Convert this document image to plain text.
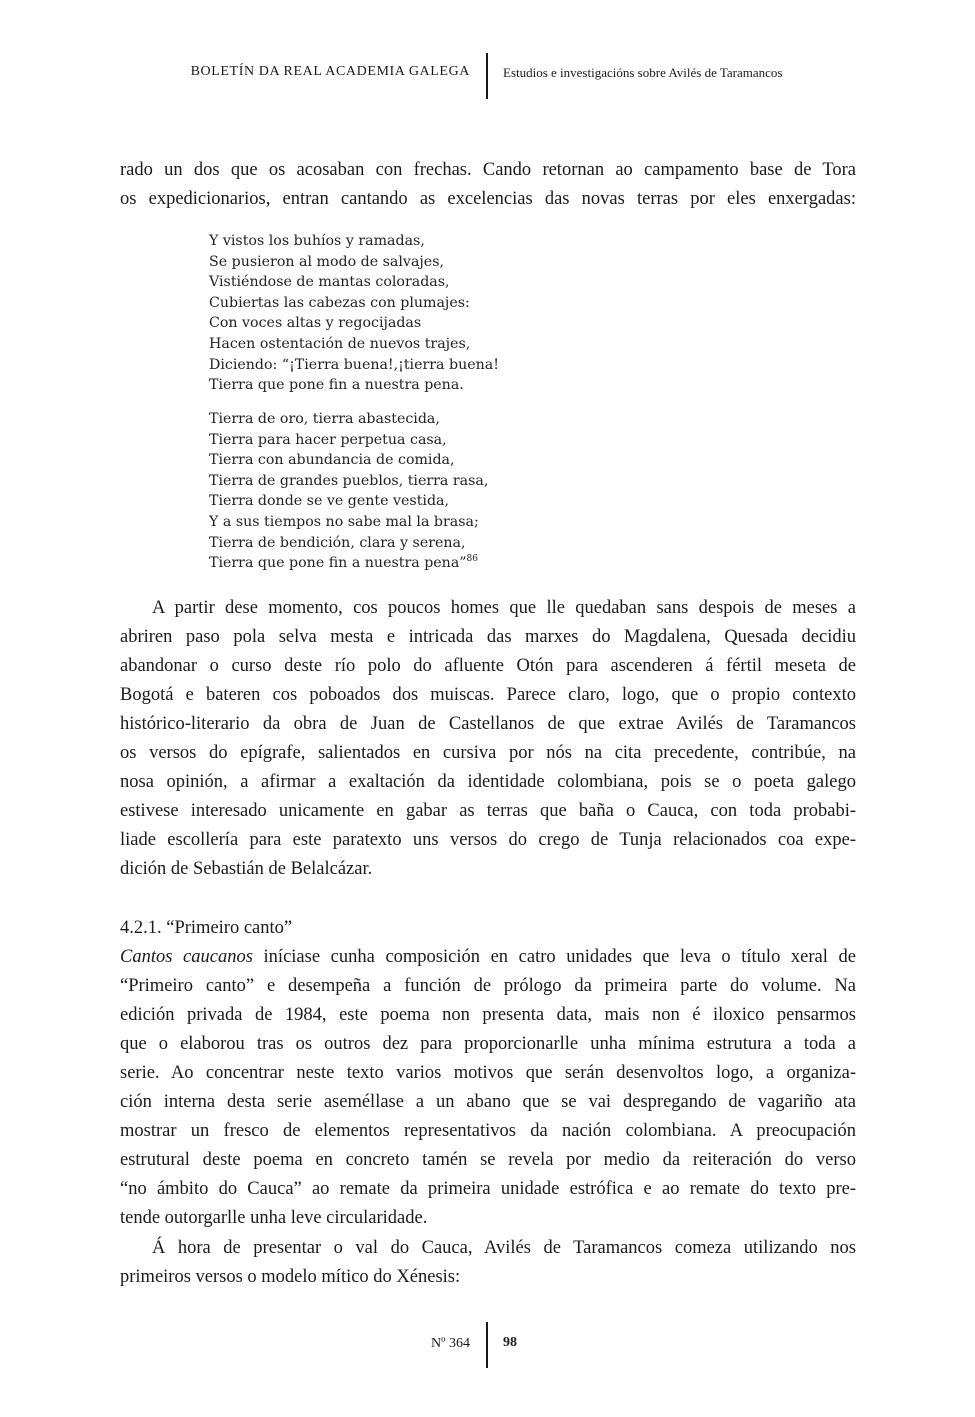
BOLETÍN DA REAL ACADEMIA GALEGA	Estudios e investigacións sobre Avilés de Taramancos

rado un dos que os acosaban con frechas. Cando retornan ao campamento base de Tora

os expedicionarios, entran cantando as excelencias das novas terras por eles enxergadas:

Y vistos los buhíos y ramadas,
Se pusieron al modo de salvajes,
Vistiéndose de mantas coloradas,
Cubiertas las cabezas con plumajes:
Con voces altas y regocijadas
Hacen ostentación de nuevos trajes,
Diciendo: “¡Tierra buena!,¡tierra buena!
Tierra que pone fin a nuestra pena.
Tierra de oro, tierra abastecida,
Tierra para hacer perpetua casa,
Tierra con abundancia de comida,
Tierra de grandes pueblos, tierra rasa,
Tierra donde se ve gente vestida,
Y a sus tiempos no sabe mal la brasa;
Tierra de bendición, clara y serena,
Tierra que pone fin a nuestra pena”$^{86}$

A partir dese momento, cos poucos homes que lle quedaban sans despois de meses a

abriren paso pola selva mesta e intricada das marxes do Magdalena, Quesada decidiu

abandonar o curso deste río polo do afluente Otón para ascenderen á fértil meseta de

Bogotá e bateren cos poboados dos muiscas. Parece claro, logo, que o propio contexto

histórico-literario da obra de Juan de Castellanos de que extrae Avilés de Taramancos

os versos do epígrafe, salientados en cursiva por nós na cita precedente, contribúe, na

nosa opinión, a afirmar a exaltación da identidade colombiana, pois se o poeta galego

estivese interesado unicamente en gabar as terras que baña o Cauca, con toda probabi-

liade escollería para este paratexto uns versos do crego de Tunja relacionados coa expe-

dición de Sebastián de Belalcázar.

4.2.1. “Primeiro canto”

Cantos caucanos iníciase cunha composición en catro unidades que leva o título xeral de

“Primeiro canto” e desempeña a función de prólogo da primeira parte do volume. Na

edición privada de 1984, este poema non presenta data, mais non é iloxico pensarmos

que o elaborou tras os outros dez para proporcionarlle unha mínima estrutura a toda a

serie. Ao concentrar neste texto varios motivos que serán desenvoltos logo, a organiza-

ción interna desta serie aseméllase a un abano que se vai despregando de vagariño ata

mostrar un fresco de elementos representativos da nación colombiana. A preocupación

estrutural deste poema en concreto tamén se revela por medio da reiteración do verso

“no ámbito do Cauca” ao remate da primeira unidade estrófica e ao remate do texto pre-

tende outorgarlle unha leve circularidade.

Á hora de presentar o val do Cauca, Avilés de Taramancos comeza utilizando nos

primeiros versos o modelo mítico do Xénesis:

Nº 364 98
